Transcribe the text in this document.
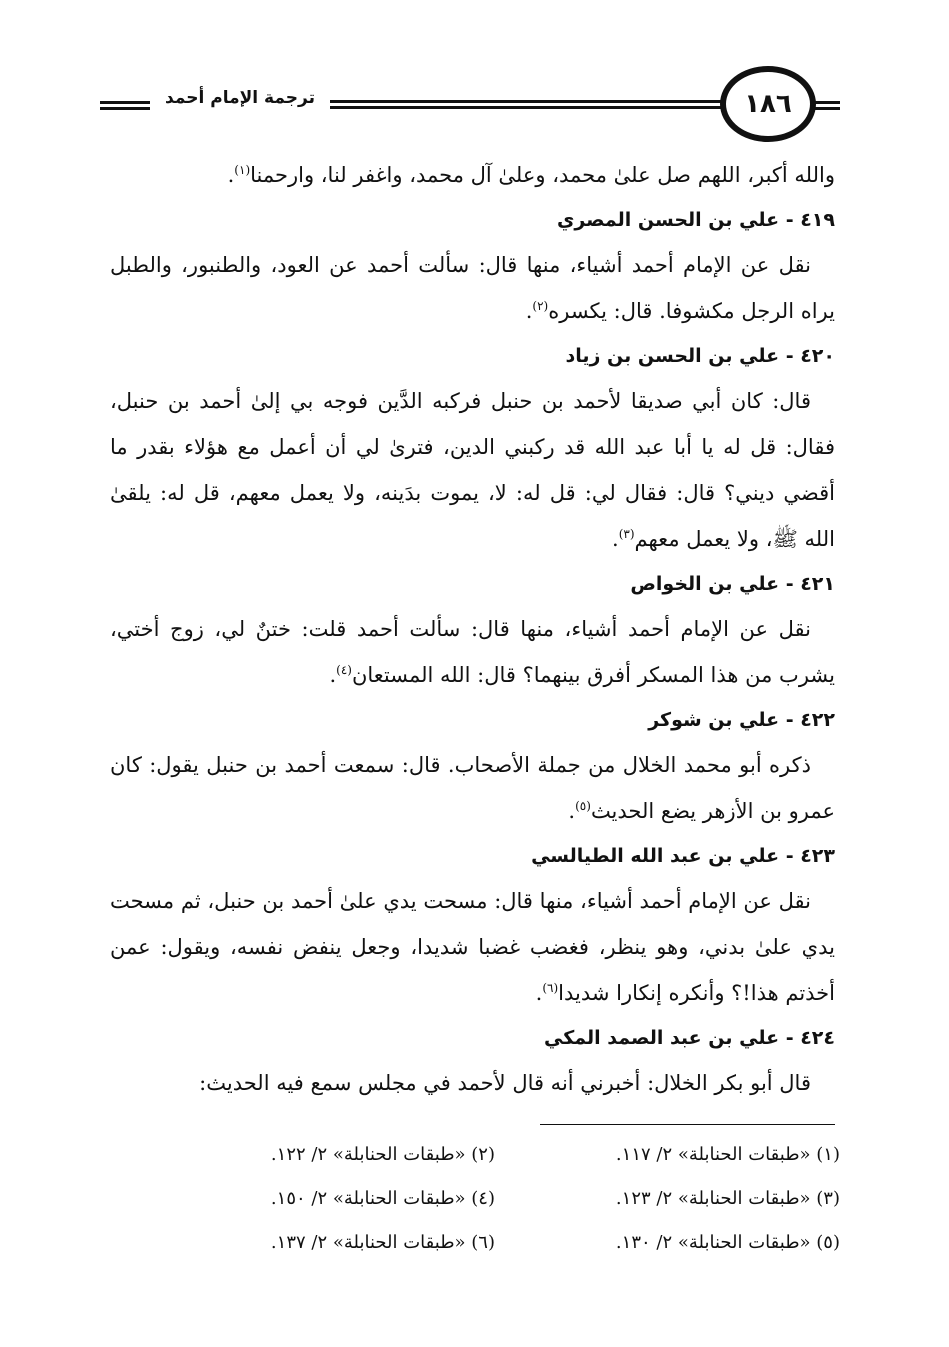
ترجمة الإمام أحمد	١٨٦

والله أكبر، اللهم صل علىٰ محمد، وعلىٰ آل محمد، واغفر لنا، وارحمنا$^{(١)}$.

٤١٩ - علي بن الحسن المصري

نقل عن الإمام أحمد أشياء، منها قال: سألت أحمد عن العود، والطنبور، والطبل يراه الرجل مكشوفا. قال: يكسره$^{(٢)}$.

٤٢٠ - علي بن الحسن بن زياد

قال: كان أبي صديقا لأحمد بن حنبل فركبه الدَّين فوجه بي إلىٰ أحمد بن حنبل، فقال: قل له يا أبا عبد الله قد ركبني الدين، فترىٰ لي أن أعمل مع هؤلاء بقدر ما أقضي ديني؟ قال: فقال لي: قل له: لا، يموت بدَينه، ولا يعمل معهم، قل له: يلقىٰ الله ﷺ، ولا يعمل معهم$^{(٣)}$.

٤٢١ - علي بن الخواص

نقل عن الإمام أحمد أشياء، منها قال: سألت أحمد قلت: ختنٌ لي، زوج أختي، يشرب من هذا المسكر أفرق بينهما؟ قال: الله المستعان$^{(٤)}$.

٤٢٢ - علي بن شوكر

ذكره أبو محمد الخلال من جملة الأصحاب. قال: سمعت أحمد بن حنبل يقول: كان عمرو بن الأزهر يضع الحديث$^{(٥)}$.

٤٢٣ - علي بن عبد الله الطيالسي

نقل عن الإمام أحمد أشياء، منها قال: مسحت يدي علىٰ أحمد بن حنبل، ثم مسحت يدي علىٰ بدني، وهو ينظر، فغضب غضبا شديدا، وجعل ينفض نفسه، ويقول: عمن أخذتم هذا!؟ وأنكره إنكارا شديدا$^{(٦)}$.

٤٢٤ - علي بن عبد الصمد المكي

قال أبو بكر الخلال: أخبرني أنه قال لأحمد في مجلس سمع فيه الحديث:

(١) «طبقات الحنابلة» ٢/ ١١٧.
(٢) «طبقات الحنابلة» ٢/ ١٢٢.
(٣) «طبقات الحنابلة» ٢/ ١٢٣.
(٤) «طبقات الحنابلة» ٢/ ١٥٠.
(٥) «طبقات الحنابلة» ٢/ ١٣٠.
(٦) «طبقات الحنابلة» ٢/ ١٣٧.
